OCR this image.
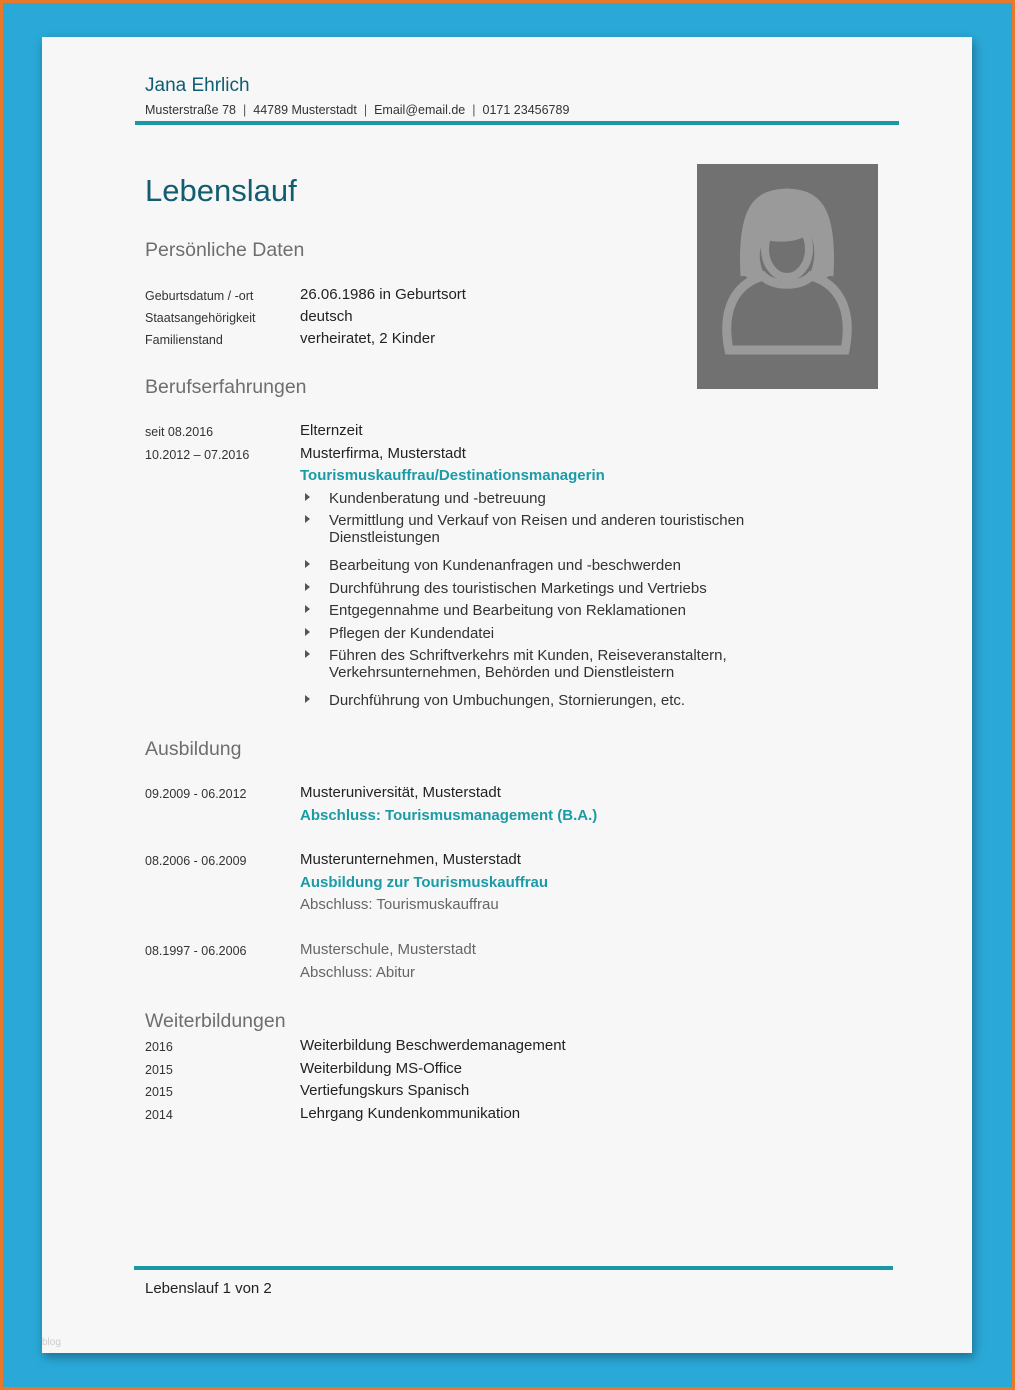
Jana Ehrlich
Musterstraße 78 | 44789 Musterstadt | Email@email.de | 0171 23456789
Lebenslauf
Persönliche Daten
Geburtsdatum / -ort	26.06.1986 in Geburtsort
Staatsangehörigkeit	deutsch
Familienstand	verheiratet, 2 Kinder
Berufserfahrungen
seit 08.2016	Elternzeit
10.2012 – 07.2016	Musterfirma, Musterstadt
Tourismuskauffrau/Destinationsmanagerin
Kundenberatung und -betreuung
Vermittlung und Verkauf von Reisen und anderen touristischen

Dienstleistungen
Bearbeitung von Kundenanfragen und -beschwerden
Durchführung des touristischen Marketings und Vertriebs
Entgegennahme und Bearbeitung von Reklamationen
Pflegen der Kundendatei
Führen des Schriftverkehrs mit Kunden, Reiseveranstaltern,

Verkehrsunternehmen, Behörden und Dienstleistern
Durchführung von Umbuchungen, Stornierungen, etc.
Ausbildung
09.2009 - 06.2012	Musteruniversität, Musterstadt
Abschluss: Tourismusmanagement (B.A.)
08.2006 - 06.2009	Musterunternehmen, Musterstadt
Ausbildung zur Tourismuskauffrau
Abschluss: Tourismuskauffrau
08.1997 - 06.2006	Musterschule, Musterstadt
Abschluss: Abitur
Weiterbildungen
2016	Weiterbildung Beschwerdemanagement
2015	Weiterbildung MS-Office
2015	Vertiefungskurs Spanisch
2014	Lehrgang Kundenkommunikation
Lebenslauf 1 von 2
blog
